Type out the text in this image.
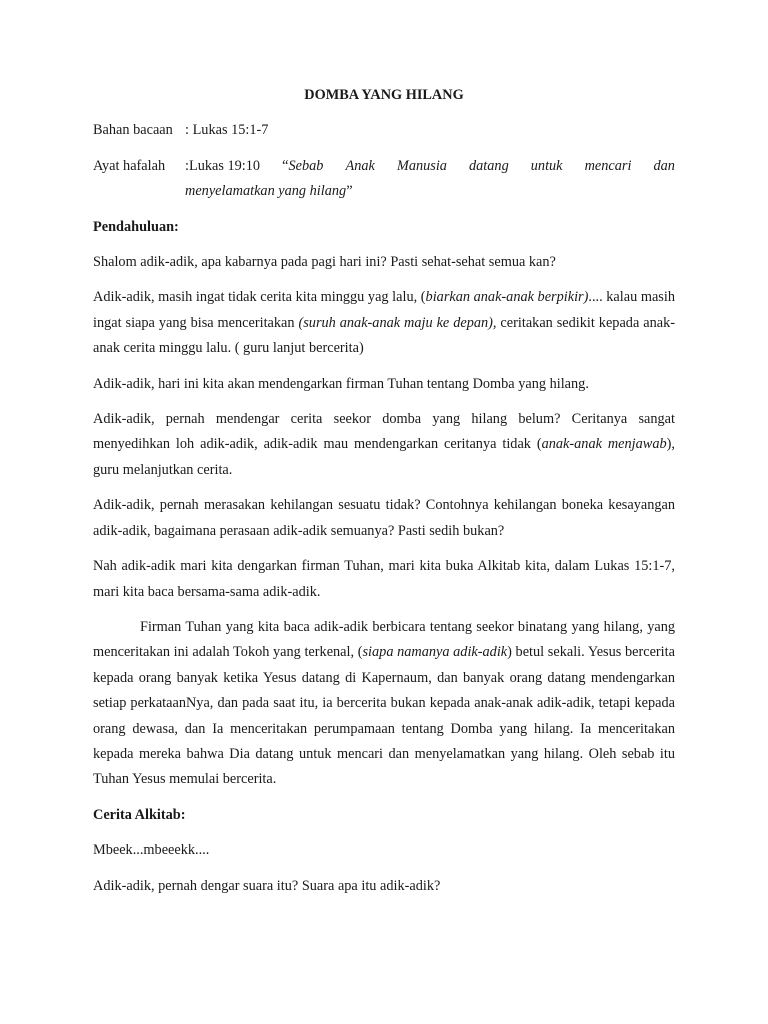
DOMBA YANG HILANG
Bahan bacaan : Lukas 15:1-7
Ayat hafalah	:Lukas 19:10 “Sebab Anak Manusia datang untuk mencari dan
menyelamatkan yang hilang”
Pendahuluan:

Shalom adik-adik, apa kabarnya pada pagi hari ini? Pasti sehat-sehat semua kan?

Adik-adik, masih ingat tidak cerita kita minggu yag lalu, (biarkan anak-anak berpikir).... kalau masih ingat siapa yang bisa menceritakan (suruh anak-anak maju ke depan), ceritakan sedikit kepada anak-anak cerita minggu lalu. ( guru lanjut bercerita)

Adik-adik, hari ini kita akan mendengarkan firman Tuhan tentang Domba yang hilang.

Adik-adik, pernah mendengar cerita seekor domba yang hilang belum? Ceritanya sangat menyedihkan loh adik-adik, adik-adik mau mendengarkan ceritanya tidak (anak-anak menjawab), guru melanjutkan cerita.

Adik-adik, pernah merasakan kehilangan sesuatu tidak? Contohnya kehilangan boneka kesayangan adik-adik, bagaimana perasaan adik-adik semuanya? Pasti sedih bukan?

Nah adik-adik mari kita dengarkan firman Tuhan, mari kita buka Alkitab kita, dalam Lukas 15:1-7, mari kita baca bersama-sama adik-adik.

Firman Tuhan yang kita baca adik-adik berbicara tentang seekor binatang yang hilang, yang menceritakan ini adalah Tokoh yang terkenal, (siapa namanya adik-adik) betul sekali. Yesus bercerita kepada orang banyak ketika Yesus datang di Kapernaum, dan banyak orang datang mendengarkan setiap perkataanNya, dan pada saat itu, ia bercerita bukan kepada anak-anak adik-adik, tetapi kepada orang dewasa, dan Ia menceritakan perumpamaan tentang Domba yang hilang. Ia menceritakan kepada mereka bahwa Dia datang untuk mencari dan menyelamatkan yang hilang. Oleh sebab itu Tuhan Yesus memulai bercerita.

Cerita Alkitab:

Mbeek...mbeeekk....

Adik-adik, pernah dengar suara itu? Suara apa itu adik-adik?
